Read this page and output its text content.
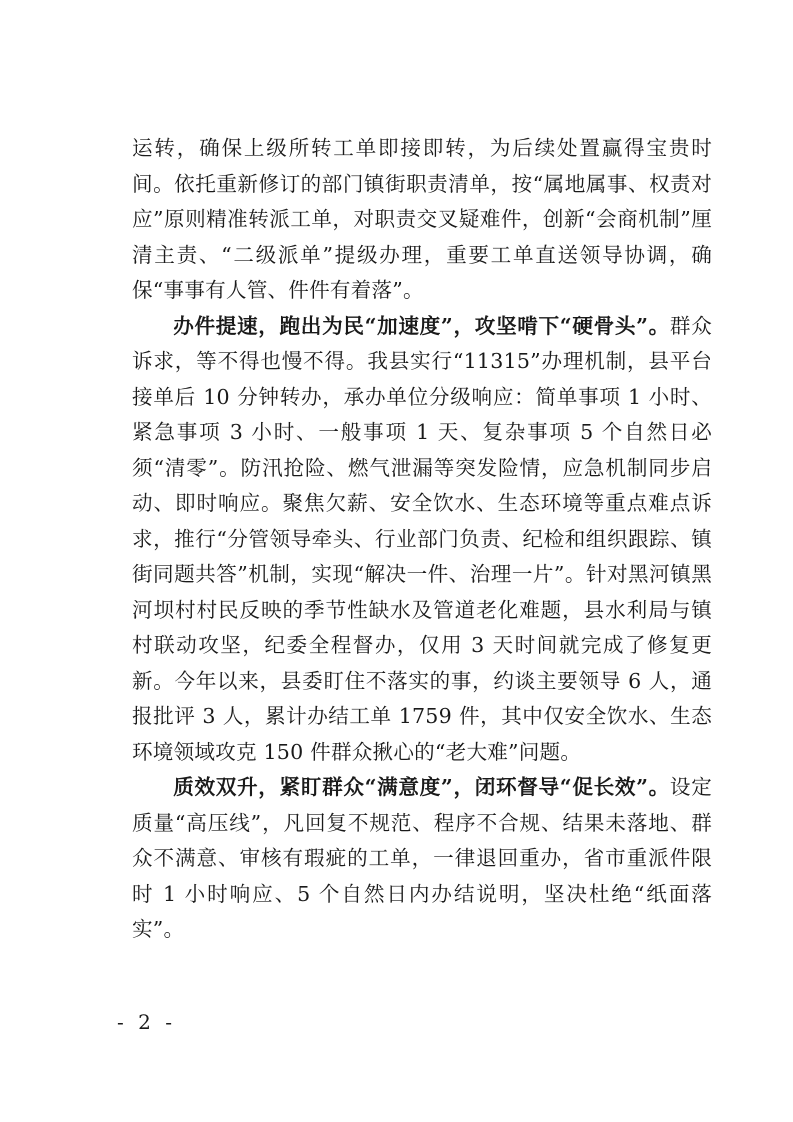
运转，确保上级所转工单即接即转，为后续处置赢得宝贵时间。依托重新修订的部门镇街职责清单，按“属地属事、权责对应”原则精准转派工单，对职责交叉疑难件，创新“会商机制”厘清主责、“二级派单”提级办理，重要工单直送领导协调，确保“事事有人管、件件有着落”。

办件提速，跑出为民“加速度”，攻坚啃下“硬骨头”。群众诉求，等不得也慢不得。我县实行“11315”办理机制，县平台接单后 10 分钟转办，承办单位分级响应：简单事项 1 小时、紧急事项 3 小时、一般事项 1 天、复杂事项 5 个自然日必须“清零”。防汛抢险、燃气泄漏等突发险情，应急机制同步启动、即时响应。聚焦欠薪、安全饮水、生态环境等重点难点诉求，推行“分管领导牵头、行业部门负责、纪检和组织跟踪、镇街同题共答”机制，实现“解决一件、治理一片”。针对黑河镇黑河坝村村民反映的季节性缺水及管道老化难题，县水利局与镇村联动攻坚，纪委全程督办，仅用 3 天时间就完成了修复更新。今年以来，县委盯住不落实的事，约谈主要领导 6 人，通报批评 3 人，累计办结工单 1759 件，其中仅安全饮水、生态环境领域攻克 150 件群众揪心的“老大难”问题。

质效双升，紧盯群众“满意度”，闭环督导“促长效”。设定质量“高压线”，凡回复不规范、程序不合规、结果未落地、群众不满意、审核有瑕疵的工单，一律退回重办，省市重派件限时 1 小时响应、5 个自然日内办结说明，坚决杜绝“纸面落实”。

- 2 -
